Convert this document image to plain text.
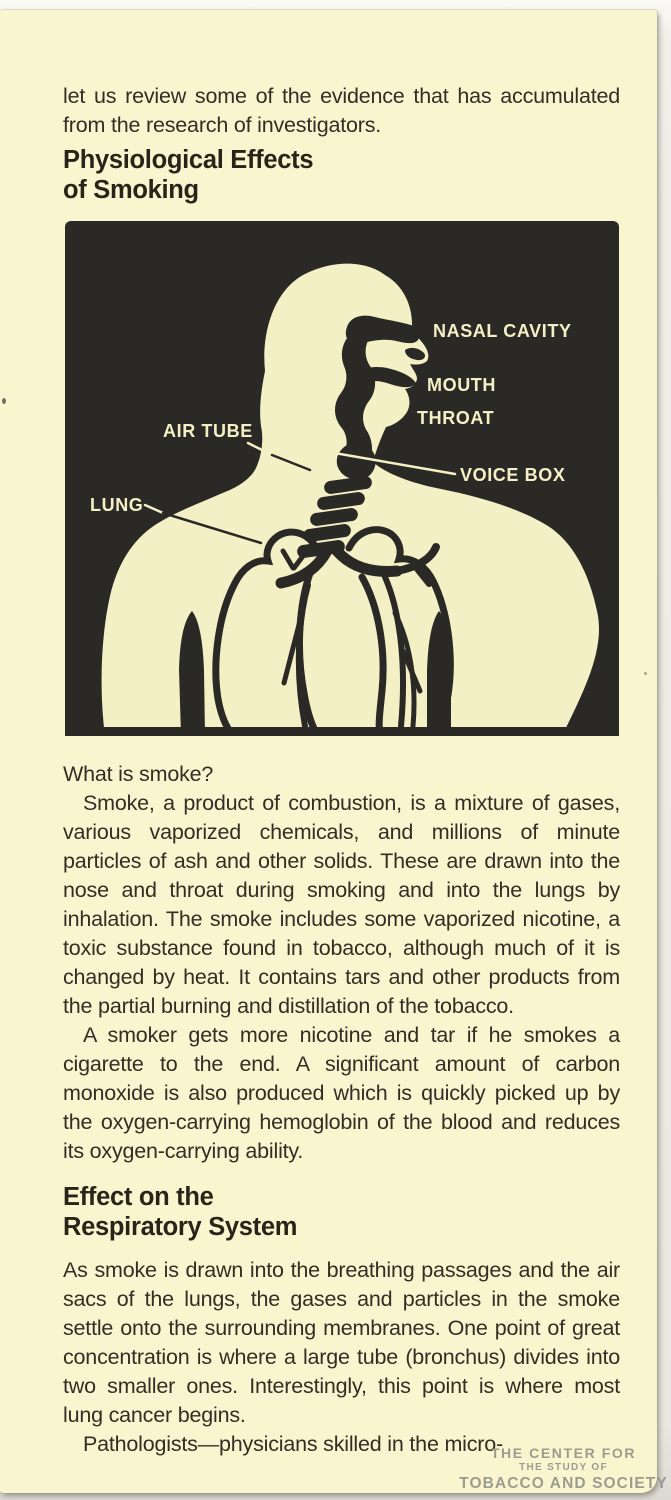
let us review some of the evidence that has accumulated from the research of investigators.

Physiological Effects
of Smoking
NASAL CAVITY
MOUTH
THROAT
AIR TUBE
VOICE BOX
LUNG

What is smoke?

Smoke, a product of combustion, is a mixture of gases, various vaporized chemicals, and millions of minute particles of ash and other solids. These are drawn into the nose and throat during smoking and into the lungs by inhalation. The smoke includes some vaporized nicotine, a toxic substance found in tobacco, although much of it is changed by heat. It contains tars and other products from the partial burning and distillation of the tobacco.

A smoker gets more nicotine and tar if he smokes a cigarette to the end. A significant amount of carbon monoxide is also produced which is quickly picked up by the oxygen-carrying hemoglobin of the blood and reduces its oxygen-carrying ability.

Effect on the
Respiratory System

As smoke is drawn into the breathing passages and the air sacs of the lungs, the gases and particles in the smoke settle onto the surrounding membranes. One point of great concentration is where a large tube (bronchus) divides into two smaller ones. Interestingly, this point is where most lung cancer begins.

Pathologists—physicians skilled in the micro-

THE CENTER FOR
THE STUDY OF
TOBACCO AND SOCIETY
